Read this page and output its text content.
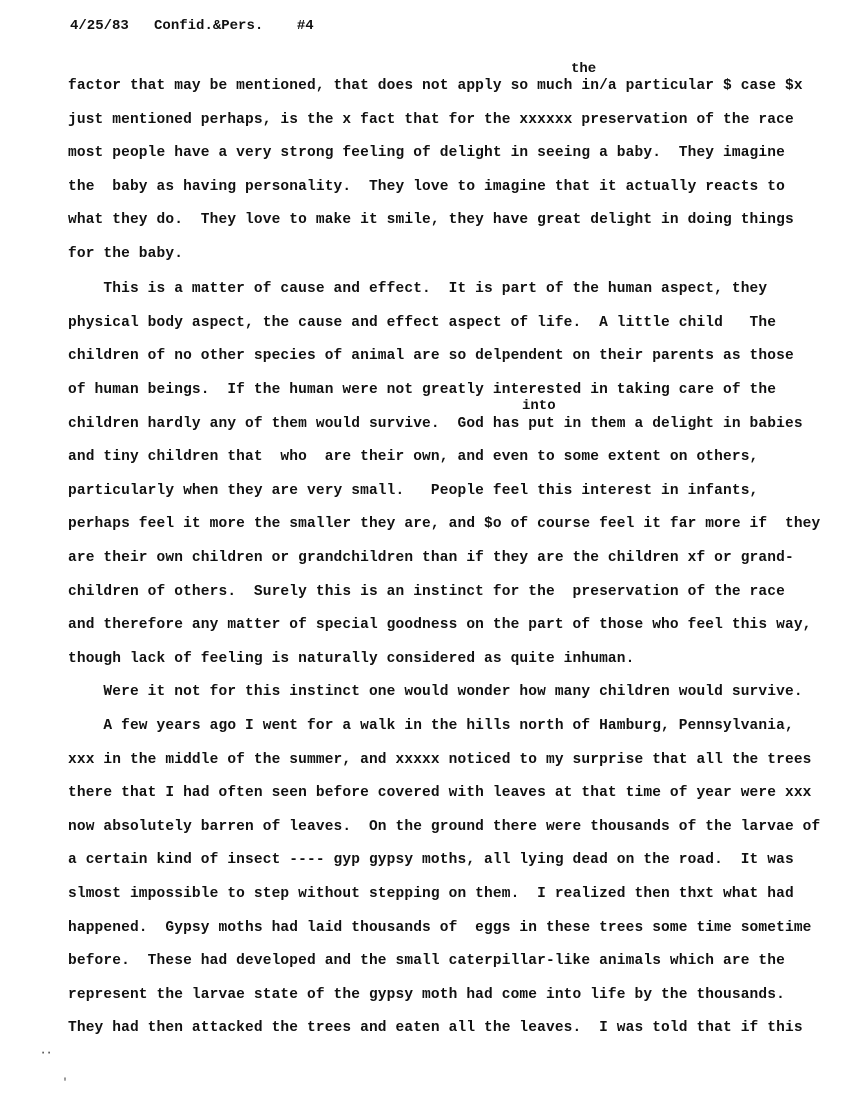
4/25/83 Confid.&Pers. #4
the
into
factor that may be mentioned, that does not apply so much in/a particular $ case $x
just mentioned perhaps, is the x fact that for the xxxxxx preservation of the race
most people have a very strong feeling of delight in seeing a baby.  They imagine
the  baby as having personality.  They love to imagine that it actually reacts to
what they do.  They love to make it smile, they have great delight in doing things
for the baby.
This is a matter of cause and effect.  It is part of the human aspect, they
physical body aspect, the cause and effect aspect of life.  A little child   The
children of no other species of animal are so delpendent on their parents as those
of human beings.  If the human were not greatly interested in taking care of the
children hardly any of them would survive.  God has put in them a delight in babies
and tiny children that  who  are their own, and even to some extent on others,
particularly when they are very small.   People feel this interest in infants,
perhaps feel it more the smaller they are, and $o of course feel it far more if  they
are their own children or grandchildren than if they are the children xf or grand-
children of others.  Surely this is an instinct for the  preservation of the race
and therefore any matter of special goodness on the part of those who feel this way,
though lack of feeling is naturally considered as quite inhuman.
Were it not for this instinct one would wonder how many children would survive.
A few years ago I went for a walk in the hills north of Hamburg, Pennsylvania,
xxx in the middle of the summer, and xxxxx noticed to my surprise that all the trees
there that I had often seen before covered with leaves at that time of year were xxx
now absolutely barren of leaves.  On the ground there were thousands of the larvae of
a certain kind of insect ---- gyp gypsy moths, all lying dead on the road.  It was
slmost impossible to step without stepping on them.  I realized then thxt what had
happened.  Gypsy moths had laid thousands of  eggs in these trees some time sometime
before.  These had developed and the small caterpillar-like animals which are the
represent the larvae state of the gypsy moth had come into life by the thousands.
They had then attacked the trees and eaten all the leaves.  I was told that if this
⋅⋅
'
